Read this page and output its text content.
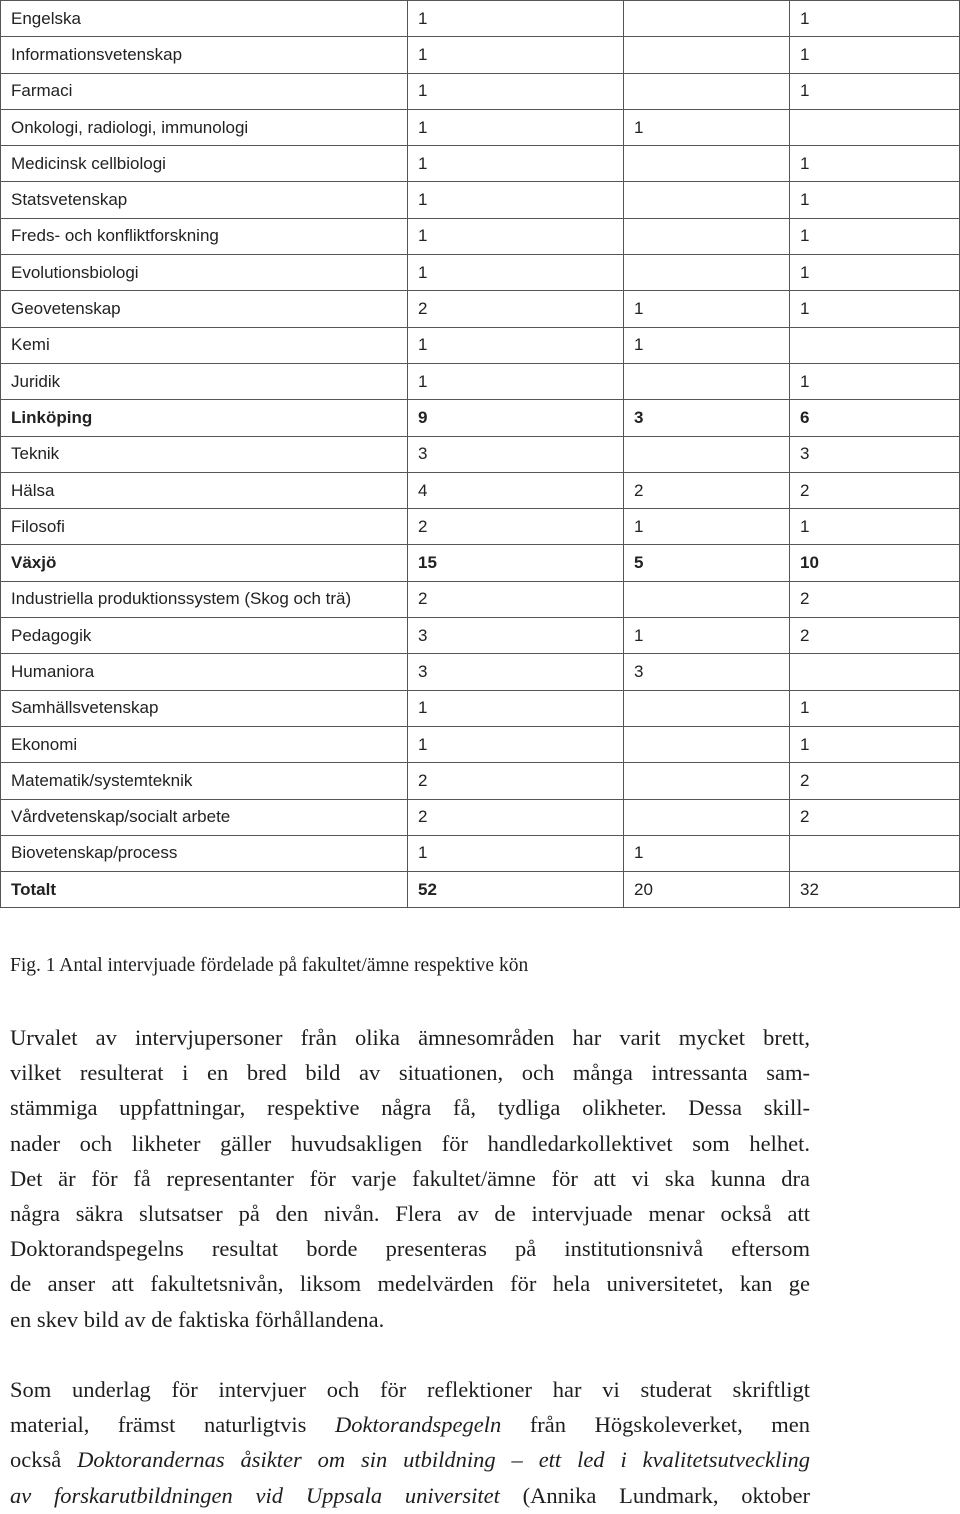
Engelska	1		1
Informationsvetenskap	1		1
Farmaci	1		1
Onkologi, radiologi, immunologi	1	1	
Medicinsk cellbiologi	1		1
Statsvetenskap	1		1
Freds- och konfliktforskning	1		1
Evolutionsbiologi	1		1
Geovetenskap	2	1	1
Kemi	1	1	
Juridik	1		1
Linköping	9	3	6
Teknik	3		3
Hälsa	4	2	2
Filosofi	2	1	1
Växjö	15	5	10
Industriella produktionssystem (Skog och trä)	2		2
Pedagogik	3	1	2
Humaniora	3	3	
Samhällsvetenskap	1		1
Ekonomi	1		1
Matematik/systemteknik	2		2
Vårdvetenskap/socialt arbete	2		2
Biovetenskap/process	1	1	
Totalt	52	20	32
Fig. 1 Antal intervjuade fördelade på fakultet/ämne respektive kön
Urvalet av intervjupersoner från olika ämnesområden har varit mycket brett,
vilket resulterat i en bred bild av situationen, och många intressanta sam-
stämmiga uppfattningar, respektive några få, tydliga olikheter. Dessa skill-
nader och likheter gäller huvudsakligen för handledarkollektivet som helhet.
Det är för få representanter för varje fakultet/ämne för att vi ska kunna dra
några säkra slutsatser på den nivån. Flera av de intervjuade menar också att
Doktorandspegelns resultat borde presenteras på institutionsnivå eftersom
de anser att fakultetsnivån, liksom medelvärden för hela universitetet, kan ge
en skev bild av de faktiska förhållandena.
Som underlag för intervjuer och för reflektioner har vi studerat skriftligt
material, främst naturligtvis Doktorandspegeln från Högskoleverket, men
också Doktorandernas åsikter om sin utbildning – ett led i kvalitetsutveckling
av forskarutbildningen vid Uppsala universitet (Annika Lundmark, oktober
